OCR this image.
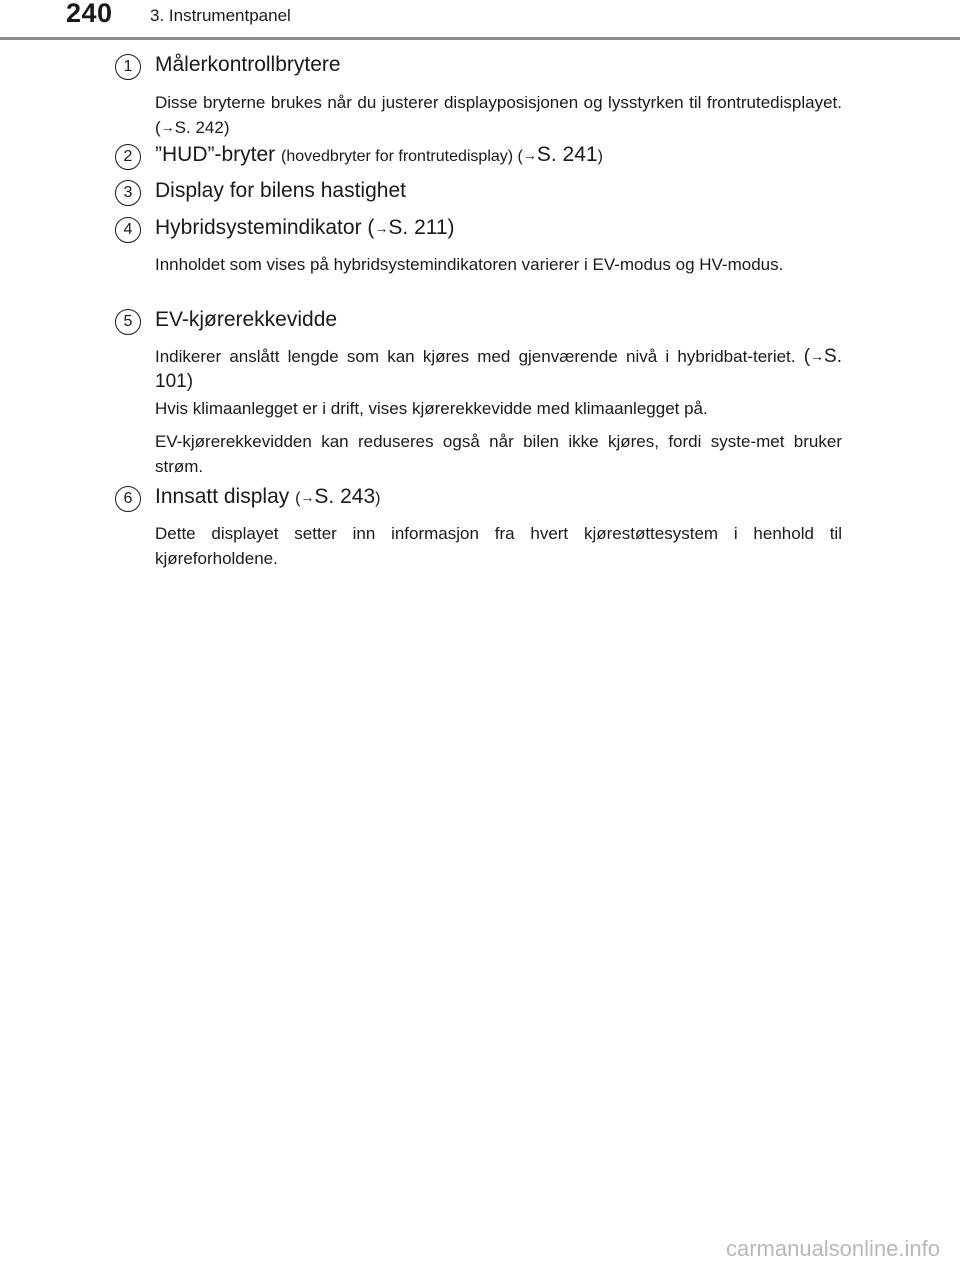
240 3. Instrumentpanel
1	Målerkontrollbrytere
Disse bryterne brukes når du justerer displayposisjonen og lysstyrken til frontrutedisplayet. (→S. 242)
2	”HUD”-bryter (hovedbryter for frontrutedisplay) (→S. 241)
3	Display for bilens hastighet
4	Hybridsystemindikator (→S. 211)
Innholdet som vises på hybridsystemindikatoren varierer i EV-modus og HV-modus.
5	EV-kjørerekkevidde
Indikerer anslått lengde som kan kjøres med gjenværende nivå i hybridbat-teriet. (→S. 101)
Hvis klimaanlegget er i drift, vises kjørerekkevidde med klimaanlegget på.
EV-kjørerekkevidden kan reduseres også når bilen ikke kjøres, fordi syste-met bruker strøm.
6	Innsatt display (→S. 243)
Dette displayet setter inn informasjon fra hvert kjørestøttesystem i henhold til kjøreforholdene.
carmanualsonline.info
